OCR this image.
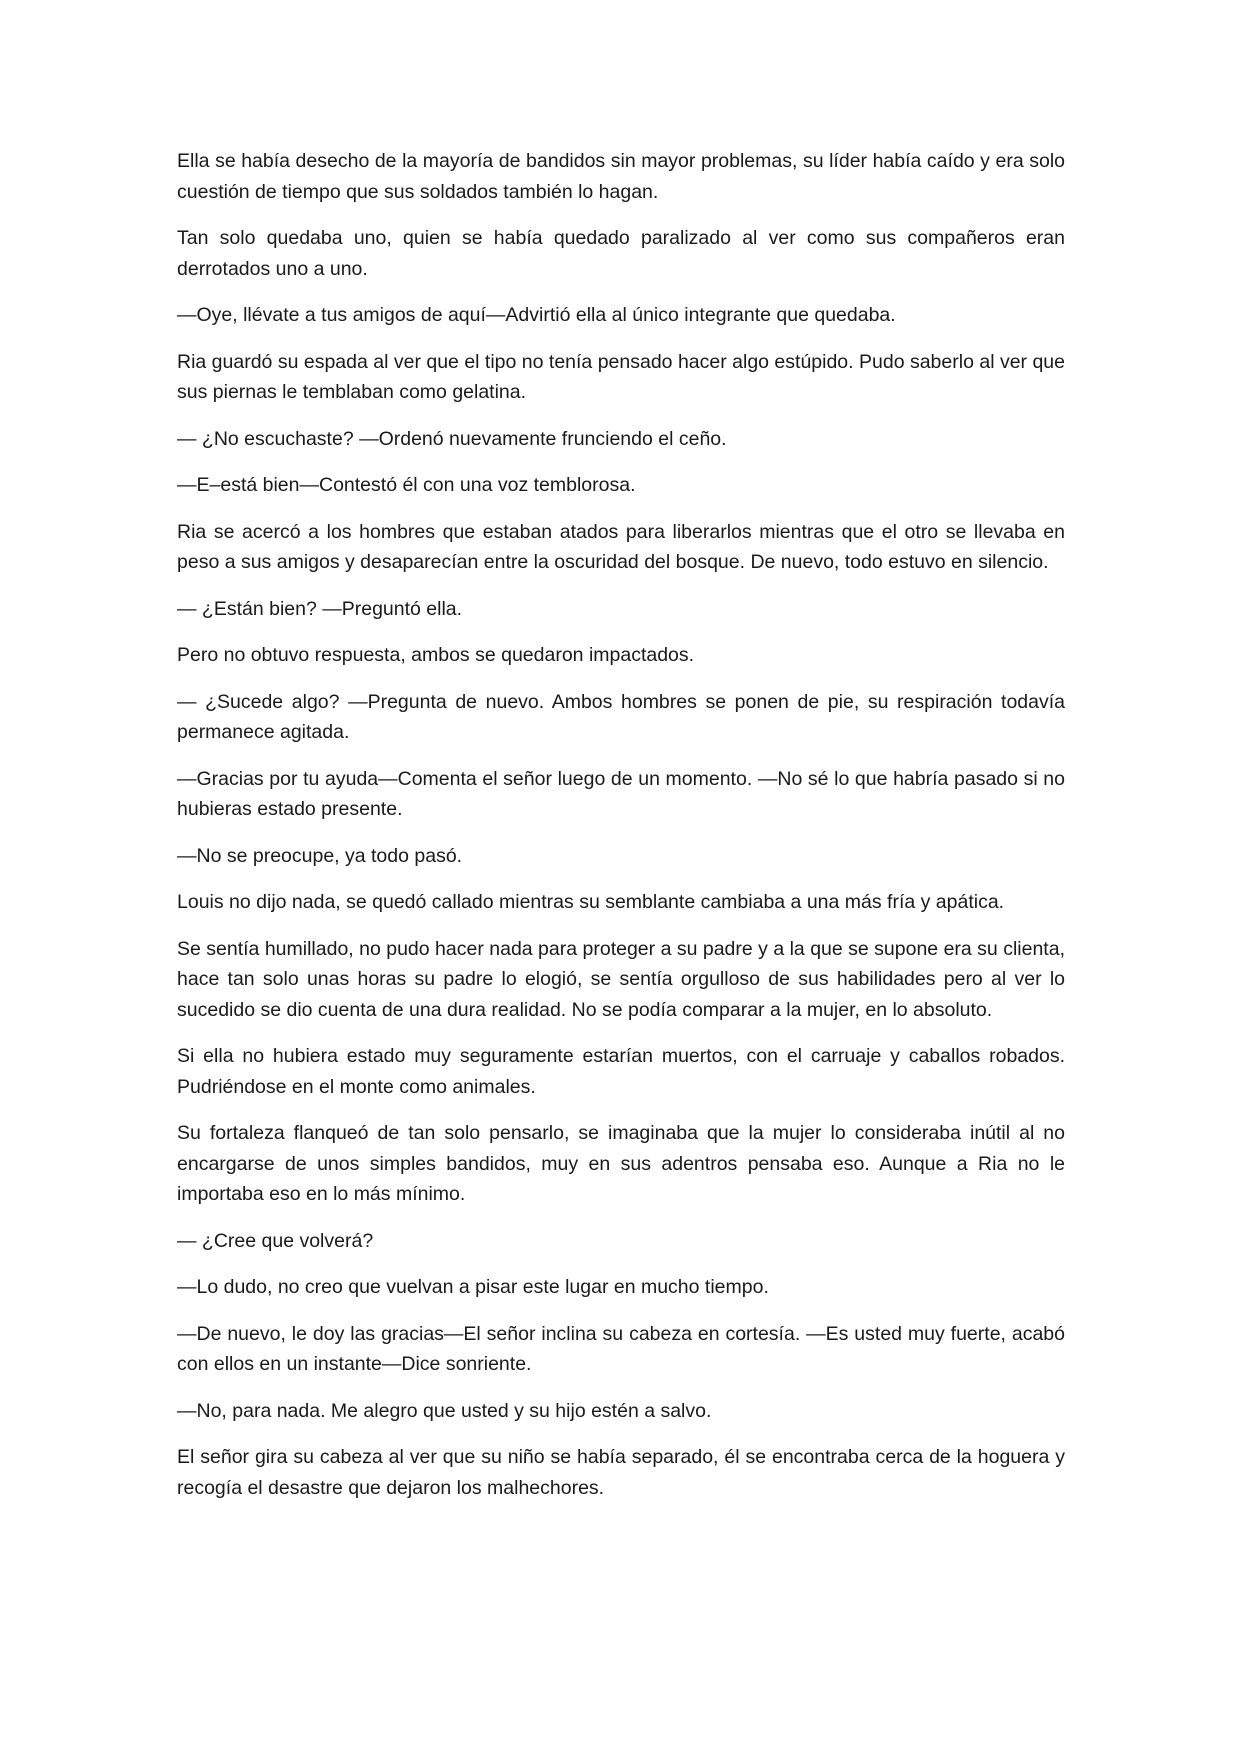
Ella se había desecho de la mayoría de bandidos sin mayor problemas, su líder había caído y era solo cuestión de tiempo que sus soldados también lo hagan.

Tan solo quedaba uno, quien se había quedado paralizado al ver como sus compañeros eran derrotados uno a uno.

—Oye, llévate a tus amigos de aquí—Advirtió ella al único integrante que quedaba.

Ria guardó su espada al ver que el tipo no tenía pensado hacer algo estúpido. Pudo saberlo al ver que sus piernas le temblaban como gelatina.

— ¿No escuchaste? —Ordenó nuevamente frunciendo el ceño.

—E–está bien—Contestó él con una voz temblorosa.

Ria se acercó a los hombres que estaban atados para liberarlos mientras que el otro se llevaba en peso a sus amigos y desaparecían entre la oscuridad del bosque. De nuevo, todo estuvo en silencio.

— ¿Están bien? —Preguntó ella.

Pero no obtuvo respuesta, ambos se quedaron impactados.

— ¿Sucede algo? —Pregunta de nuevo. Ambos hombres se ponen de pie, su respiración todavía permanece agitada.

—Gracias por tu ayuda—Comenta el señor luego de un momento. —No sé lo que habría pasado si no hubieras estado presente.

—No se preocupe, ya todo pasó.

Louis no dijo nada, se quedó callado mientras su semblante cambiaba a una más fría y apática.

Se sentía humillado, no pudo hacer nada para proteger a su padre y a la que se supone era su clienta, hace tan solo unas horas su padre lo elogió, se sentía orgulloso de sus habilidades pero al ver lo sucedido se dio cuenta de una dura realidad. No se podía comparar a la mujer, en lo absoluto.

Si ella no hubiera estado muy seguramente estarían muertos, con el carruaje y caballos robados. Pudriéndose en el monte como animales.

Su fortaleza flanqueó de tan solo pensarlo, se imaginaba que la mujer lo consideraba inútil al no encargarse de unos simples bandidos, muy en sus adentros pensaba eso. Aunque a Ria no le importaba eso en lo más mínimo.

— ¿Cree que volverá?

—Lo dudo, no creo que vuelvan a pisar este lugar en mucho tiempo.

—De nuevo, le doy las gracias—El señor inclina su cabeza en cortesía. —Es usted muy fuerte, acabó con ellos en un instante—Dice sonriente.

—No, para nada. Me alegro que usted y su hijo estén a salvo.

El señor gira su cabeza al ver que su niño se había separado, él se encontraba cerca de la hoguera y recogía el desastre que dejaron los malhechores.
